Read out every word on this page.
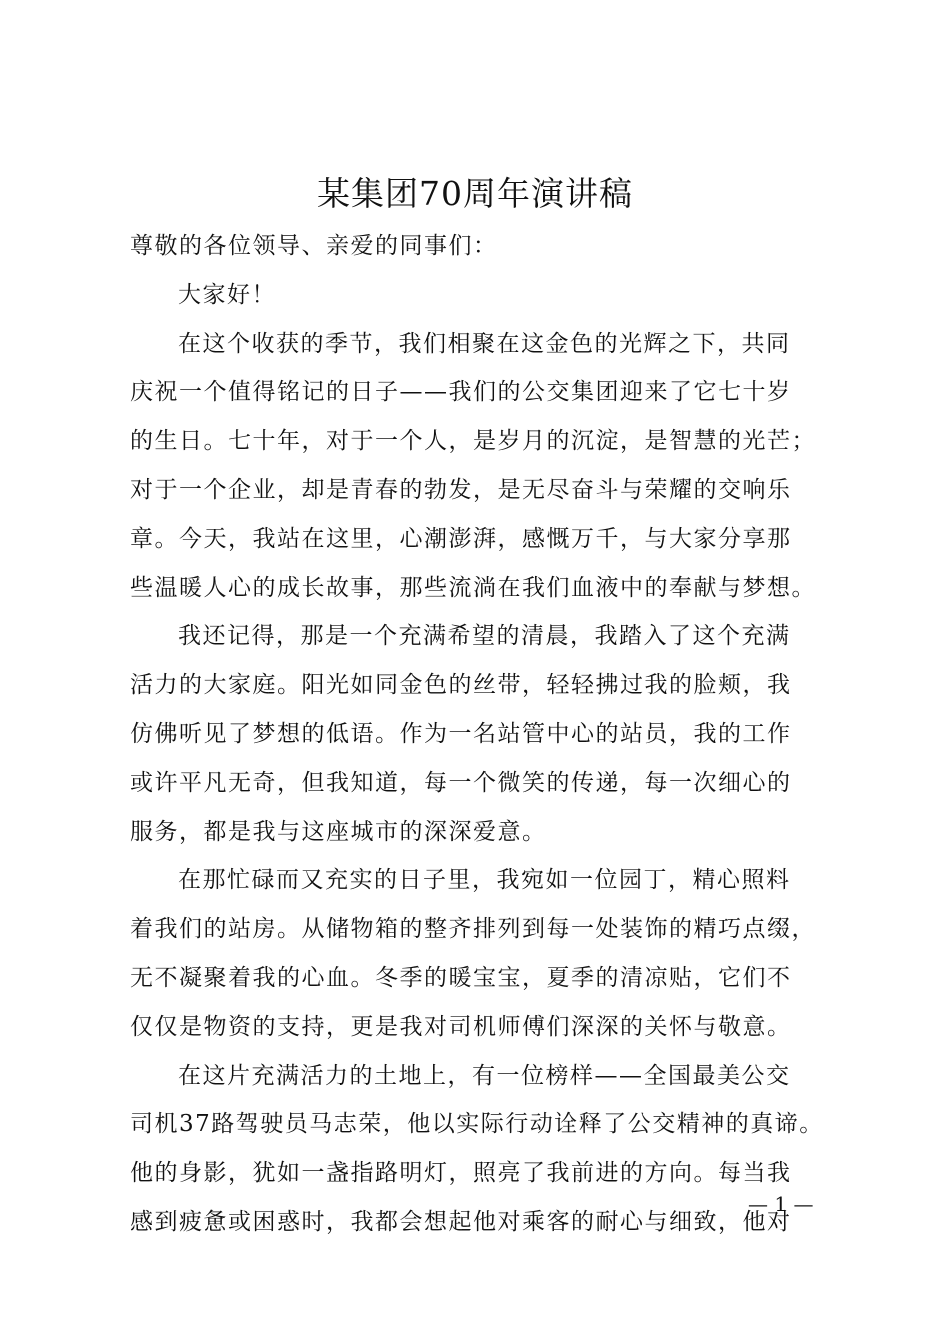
某集团70周年演讲稿
尊敬的各位领导、亲爱的同事们：
大家好！
在这个收获的季节，我们相聚在这金色的光辉之下，共同
庆祝一个值得铭记的日子——我们的公交集团迎来了它七十岁
的生日。七十年，对于一个人，是岁月的沉淀，是智慧的光芒；
对于一个企业，却是青春的勃发，是无尽奋斗与荣耀的交响乐
章。今天，我站在这里，心潮澎湃，感慨万千，与大家分享那
些温暖人心的成长故事，那些流淌在我们血液中的奉献与梦想。
我还记得，那是一个充满希望的清晨，我踏入了这个充满
活力的大家庭。阳光如同金色的丝带，轻轻拂过我的脸颊，我
仿佛听见了梦想的低语。作为一名站管中心的站员，我的工作
或许平凡无奇，但我知道，每一个微笑的传递，每一次细心的
服务，都是我与这座城市的深深爱意。
在那忙碌而又充实的日子里，我宛如一位园丁，精心照料
着我们的站房。从储物箱的整齐排列到每一处装饰的精巧点缀，
无不凝聚着我的心血。冬季的暖宝宝，夏季的清凉贴，它们不
仅仅是物资的支持，更是我对司机师傅们深深的关怀与敬意。
在这片充满活力的土地上，有一位榜样——全国最美公交
司机37路驾驶员马志荣，他以实际行动诠释了公交精神的真谛。
他的身影，犹如一盏指路明灯，照亮了我前进的方向。每当我
感到疲惫或困惑时，我都会想起他对乘客的耐心与细致，他对
— 1 —
